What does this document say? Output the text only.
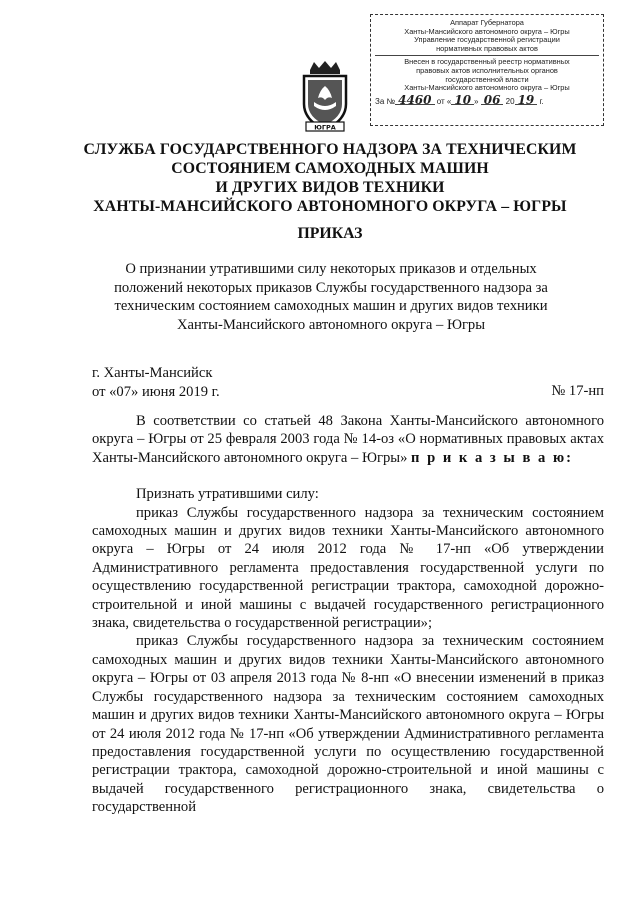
Аппарат Губернатора
Ханты-Мансийского автономного округа – Югры
Управление государственной регистрации
нормативных правовых актов
Внесен в государственный реестр нормативных
правовых актов исполнительных органов
государственной власти
Ханты-Мансийского автономного округа – Югры
За № 4460 от « 10 » 06 20 19 г.
ЮГРА
СЛУЖБА ГОСУДАРСТВЕННОГО НАДЗОРА ЗА ТЕХНИЧЕСКИМ
СОСТОЯНИЕМ САМОХОДНЫХ МАШИН
И ДРУГИХ ВИДОВ ТЕХНИКИ
ХАНТЫ-МАНСИЙСКОГО АВТОНОМНОГО ОКРУГА – ЮГРЫ
ПРИКАЗ
О признании утратившими силу некоторых приказов и отдельных
положений некоторых приказов Службы государственного надзора за
техническим состоянием самоходных машин и других видов техники
Ханты-Мансийского автономного округа – Югры
г. Ханты-Мансийск
от «07» июня 2019 г.	№ 17-нп

В соответствии со статьей 48 Закона Ханты-Мансийского автономного округа – Югры от 25 февраля 2003 года № 14-оз «О нормативных правовых актах Ханты-Мансийского автономного округа – Югры» п р и к а з ы в а ю:

Признать утратившими силу:

приказ Службы государственного надзора за техническим состоянием самоходных машин и других видов техники Ханты-Мансийского автономного округа – Югры от 24 июля 2012 года № 17-нп «Об утверждении Административного регламента предоставления государственной услуги по осуществлению государственной регистрации трактора, самоходной дорожно-строительной и иной машины с выдачей государственного регистрационного знака, свидетельства о государственной регистрации»;

приказ Службы государственного надзора за техническим состоянием самоходных машин и других видов техники Ханты-Мансийского автономного округа – Югры от 03 апреля 2013 года № 8-нп «О внесении изменений в приказ Службы государственного надзора за техническим состоянием самоходных машин и других видов техники Ханты-Мансийского автономного округа – Югры от 24 июля 2012 года № 17-нп «Об утверждении Административного регламента предоставления государственной услуги по осуществлению государственной регистрации трактора, самоходной дорожно-строительной и иной машины с выдачей государственного регистрационного знака, свидетельства о государственной
